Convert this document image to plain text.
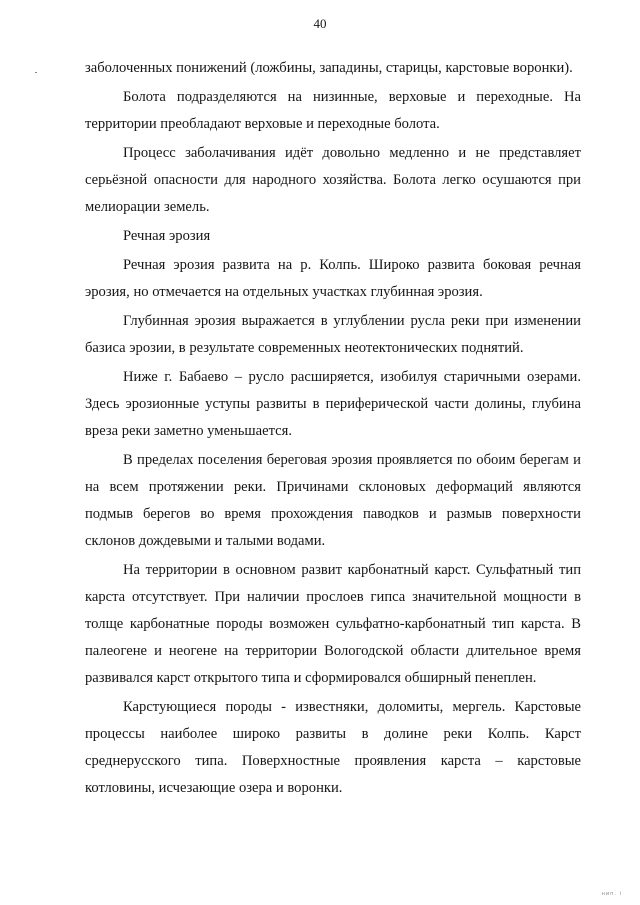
40

заболоченных понижений (ложбины, западины, старицы, карстовые воронки).

Болота подразделяются на низинные, верховые и переходные. На территории преобладают верховые и переходные болота.

Процесс заболачивания идёт довольно медленно и не представляет серьёзной опасности для народного хозяйства. Болота легко осушаются при мелиорации земель.

Речная эрозия

Речная эрозия развита на р. Колпь. Широко развита боковая речная эрозия, но отмечается на отдельных участках глубинная эрозия.

Глубинная эрозия выражается в углублении русла реки при изменении базиса эрозии, в результате современных неотектонических поднятий.

Ниже г. Бабаево – русло расширяется, изобилуя старичными озерами. Здесь эрозионные уступы развиты в периферической части долины, глубина вреза реки заметно уменьшается.

В пределах поселения береговая эрозия проявляется по обоим берегам и на всем протяжении реки. Причинами склоновых деформаций являются подмыв берегов во время прохождения паводков и размыв поверхности склонов дождевыми и талыми водами.

На территории в основном развит карбонатный карст. Сульфатный тип карста отсутствует. При наличии прослоев гипса значительной мощности в толще карбонатные породы возможен сульфатно-карбонатный тип карста. В палеогене и неогене на территории Вологодской области длительное время развивался карст открытого типа и сформировался обширный пенеплен.

Карстующиеся породы - известняки, доломиты, мергель. Карстовые процессы наиболее широко развиты в долине реки Колпь. Карст среднерусского типа. Поверхностные проявления карста – карстовые котловины, исчезающие озера и воронки.

нип. і
